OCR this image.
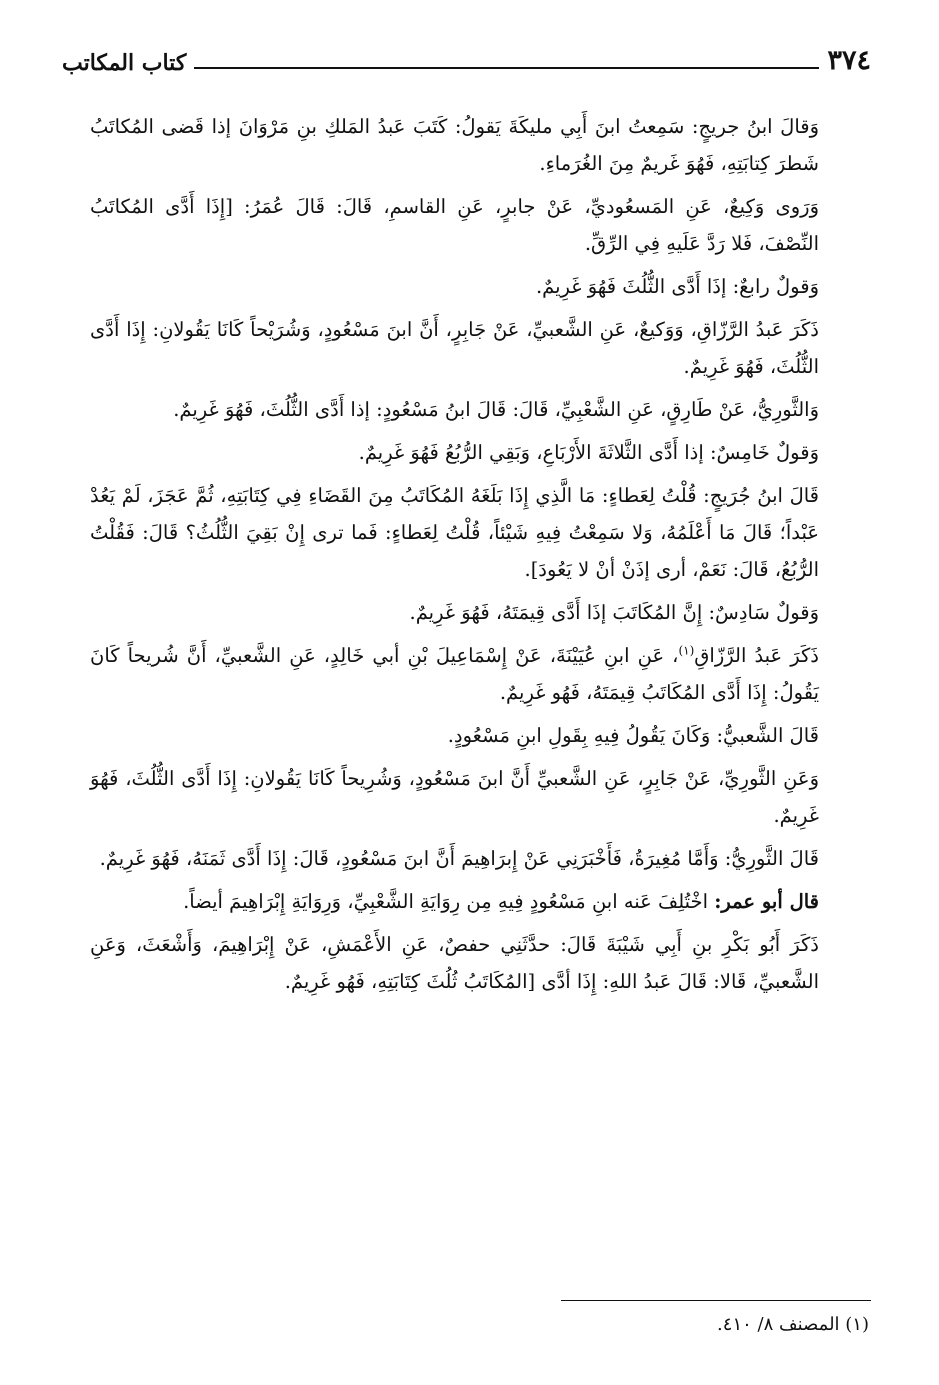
٣٧٤
كتاب المكاتب

وَقالَ ابنُ جريجٍ: سَمِعتُ ابنَ أَبِي مليكَةَ يَقولُ: كَتَبَ عَبدُ المَلكِ بنِ مَرْوَانَ إذا قَضى المُكاتَبُ شَطرَ كِتابَتِهِ، فَهُوَ غَريمٌ مِنَ الغُرَماءِ.

وَرَوى وَكِيعٌ، عَنِ المَسعُوديِّ، عَنْ جابرٍ، عَنِ القاسمِ، قَالَ: قَالَ عُمَرُ: [إِذَا أَدَّى المُكاتَبُ النِّصْفَ، فَلا رَدَّ عَلَيهِ فِي الرِّقِّ.

وَقولٌ رابعٌ: إذَا أَدَّى الثُّلُثَ فَهُوَ غَرِيمٌ.

ذَكَرَ عَبدُ الرَّزّاقِ، وَوَكيعٌ، عَنِ الشَّعبيِّ، عَنْ جَابِرٍ، أَنَّ ابنَ مَسْعُودٍ، وَشُرَيْحاً كَانَا يَقُولانِ: إِذَا أَدَّى الثُّلُثَ، فَهُوَ غَرِيمٌ.

وَالثَّورِيُّ، عَنْ طَارِقٍ، عَنِ الشَّعْبِيِّ، قَالَ: قَالَ ابنُ مَسْعُودٍ: إذا أَدَّى الثُّلُثَ، فَهُوَ غَرِيمٌ.

وَقولٌ خَامِسٌ: إذا أَدَّى الثَّلاثَةَ الأَرْبَاعِ، وَبَقِي الرُّبُعُ فَهُوَ غَرِيمٌ.

قَالَ ابنُ جُرَيجٍ: قُلْتُ لِعَطاءٍ: مَا الَّذِي إِذَا بَلَغَهُ المُكَاتَبُ مِنَ القَضَاءِ فِي كِتَابَتِهِ، ثُمَّ عَجَزَ، لَمْ يَعُدْ عَبْداً؛ قَالَ مَا أَعْلَمُهُ، وَلا سَمِعْتُ فِيهِ شَيْئاً، قُلْتُ لِعَطاءٍ: فَما ترى إِنْ بَقِيَ الثُّلُثُ؟ قَالَ: فَقُلْتُ الرُّبُعُ، قَالَ: نَعَمْ، أرى إذَنْ أنْ لا يَعُودَ].

وَقولٌ سَادِسٌ: إِنَّ المُكَاتَبَ إذَا أَدَّى قِيمَتَهُ، فَهُوَ غَرِيمٌ.

ذَكَرَ عَبدُ الرَّزّاقِ$^{(١)}$، عَنِ ابنِ عُيَيْنَةَ، عَنْ إِسْمَاعِيلَ بْنِ أبي خَالِدٍ، عَنِ الشَّعبيِّ، أَنَّ شُريحاً كَانَ يَقُولُ: إِذَا أَدَّى المُكَاتَبُ قِيمَتَهُ، فَهُو غَرِيمٌ.

قَالَ الشَّعبيُّ: وَكَانَ يَقُولُ فِيهِ بِقَولِ ابنِ مَسْعُودٍ.

وَعَنِ الثَّورِيِّ، عَنْ جَابِرٍ، عَنِ الشَّعبيِّ أَنَّ ابنَ مَسْعُودٍ، وَشُرِيحاً كَانَا يَقُولانِ: إِذَا أَدَّى الثُّلُثَ، فَهُوَ غَرِيمٌ.

قَالَ الثَّورِيُّ: وَأَمَّا مُغِيرَةُ، فَأَخْبَرَنِي عَنْ إِبرَاهِيمَ أَنَّ ابنَ مَسْعُودٍ، قَالَ: إِذَا أَدَّى ثَمَنَهُ، فَهُوَ غَرِيمٌ.

قال أبو عمر: اخْتُلِفَ عَنه ابنِ مَسْعُودٍ فِيهِ مِن رِوَايَةِ الشَّعْبِيِّ، وَرِوَايَةِ إِبْرَاهِيمَ أيضاً.

ذَكَرَ أَبُو بَكْرِ بنِ أَبِي شَيْبَةَ قَالَ: حدَّثَنِي حفصٌ، عَنِ الأَعْمَشِ، عَنْ إِبْرَاهِيمَ، وَأَشْعَثَ، وَعَنِ الشَّعبيِّ، قَالا: قَالَ عَبدُ اللهِ: إِذَا أدَّى [المُكَاتَبُ ثُلُثَ كِتَابَتِهِ، فَهُو غَرِيمٌ.

(١) المصنف ٨/ ٤١٠.
